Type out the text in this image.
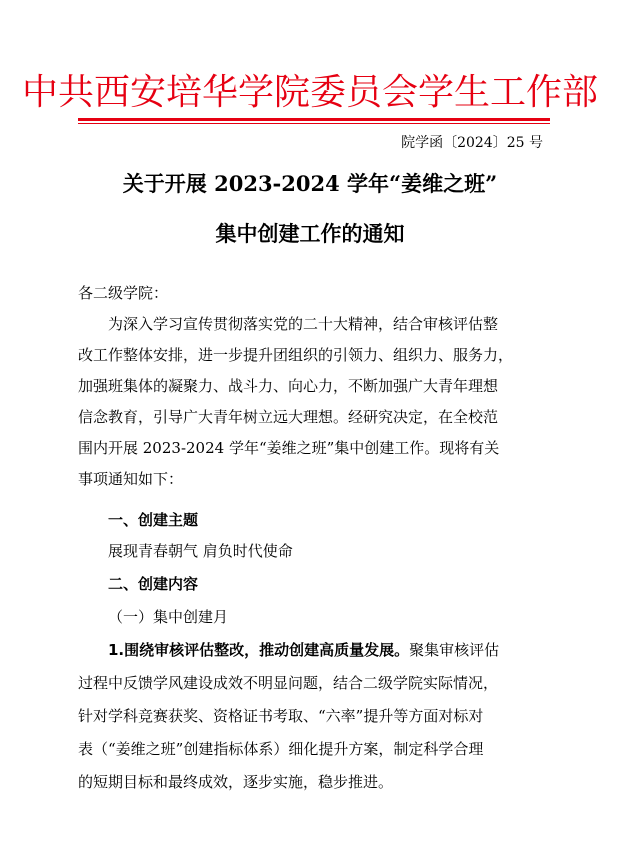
中共西安培华学院委员会学生工作部
院学函〔2024〕25 号
关于开展 2023-2024 学年“姜维之班”
集中创建工作的通知
各二级学院：
为深入学习宣传贯彻落实党的二十大精神，结合审核评估整
改工作整体安排，进一步提升团组织的引领力、组织力、服务力，
加强班集体的凝聚力、战斗力、向心力，不断加强广大青年理想
信念教育，引导广大青年树立远大理想。经研究决定，在全校范
围内开展 2023-2024 学年“姜维之班”集中创建工作。现将有关
事项通知如下：
一、创建主题
展现青春朝气 肩负时代使命
二、创建内容
（一）集中创建月
1.围绕审核评估整改，推动创建高质量发展。聚集审核评估
过程中反馈学风建设成效不明显问题，结合二级学院实际情况，
针对学科竞赛获奖、资格证书考取、“六率”提升等方面对标对
表（“姜维之班”创建指标体系）细化提升方案，制定科学合理
的短期目标和最终成效，逐步实施，稳步推进。
